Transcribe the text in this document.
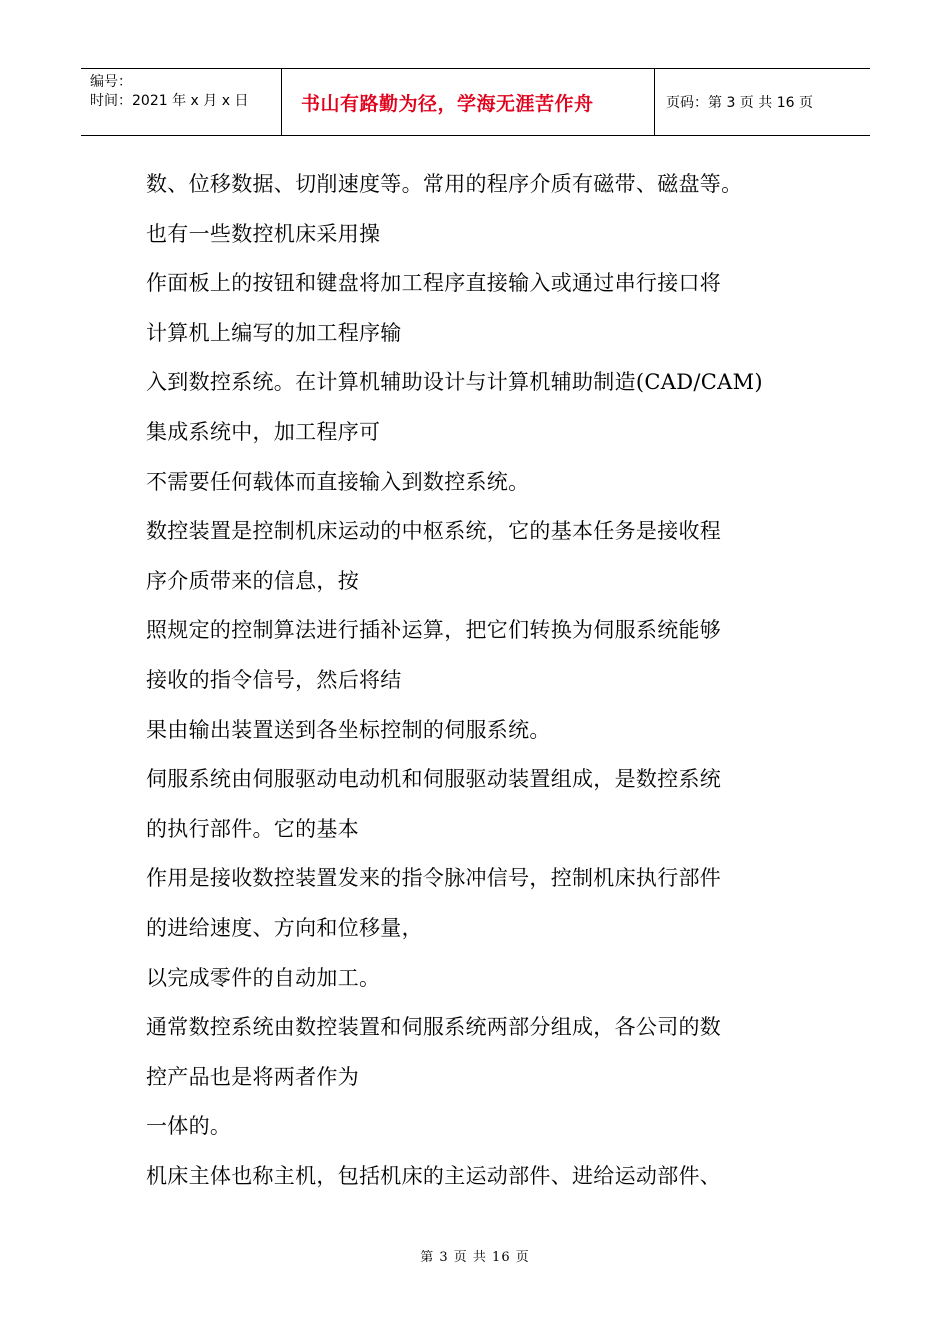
编号：
时间：2021 年 x 月 x 日	书山有路勤为径，学海无涯苦作舟	页码：第 3 页 共 16 页
数、位移数据、切削速度等。常用的程序介质有磁带、磁盘等。
也有一些数控机床采用操
作面板上的按钮和键盘将加工程序直接输入或通过串行接口将
计算机上编写的加工程序输
入到数控系统。在计算机辅助设计与计算机辅助制造(CAD/CAM)
集成系统中，加工程序可
不需要任何载体而直接输入到数控系统。
数控装置是控制机床运动的中枢系统，它的基本任务是接收程
序介质带来的信息，按
照规定的控制算法进行插补运算，把它们转换为伺服系统能够
接收的指令信号，然后将结
果由输出装置送到各坐标控制的伺服系统。
伺服系统由伺服驱动电动机和伺服驱动装置组成，是数控系统
的执行部件。它的基本
作用是接收数控装置发来的指令脉冲信号，控制机床执行部件
的进给速度、方向和位移量，
以完成零件的自动加工。
通常数控系统由数控装置和伺服系统两部分组成，各公司的数
控产品也是将两者作为
一体的。
机床主体也称主机，包括机床的主运动部件、进给运动部件、
第 3 页 共 16 页
